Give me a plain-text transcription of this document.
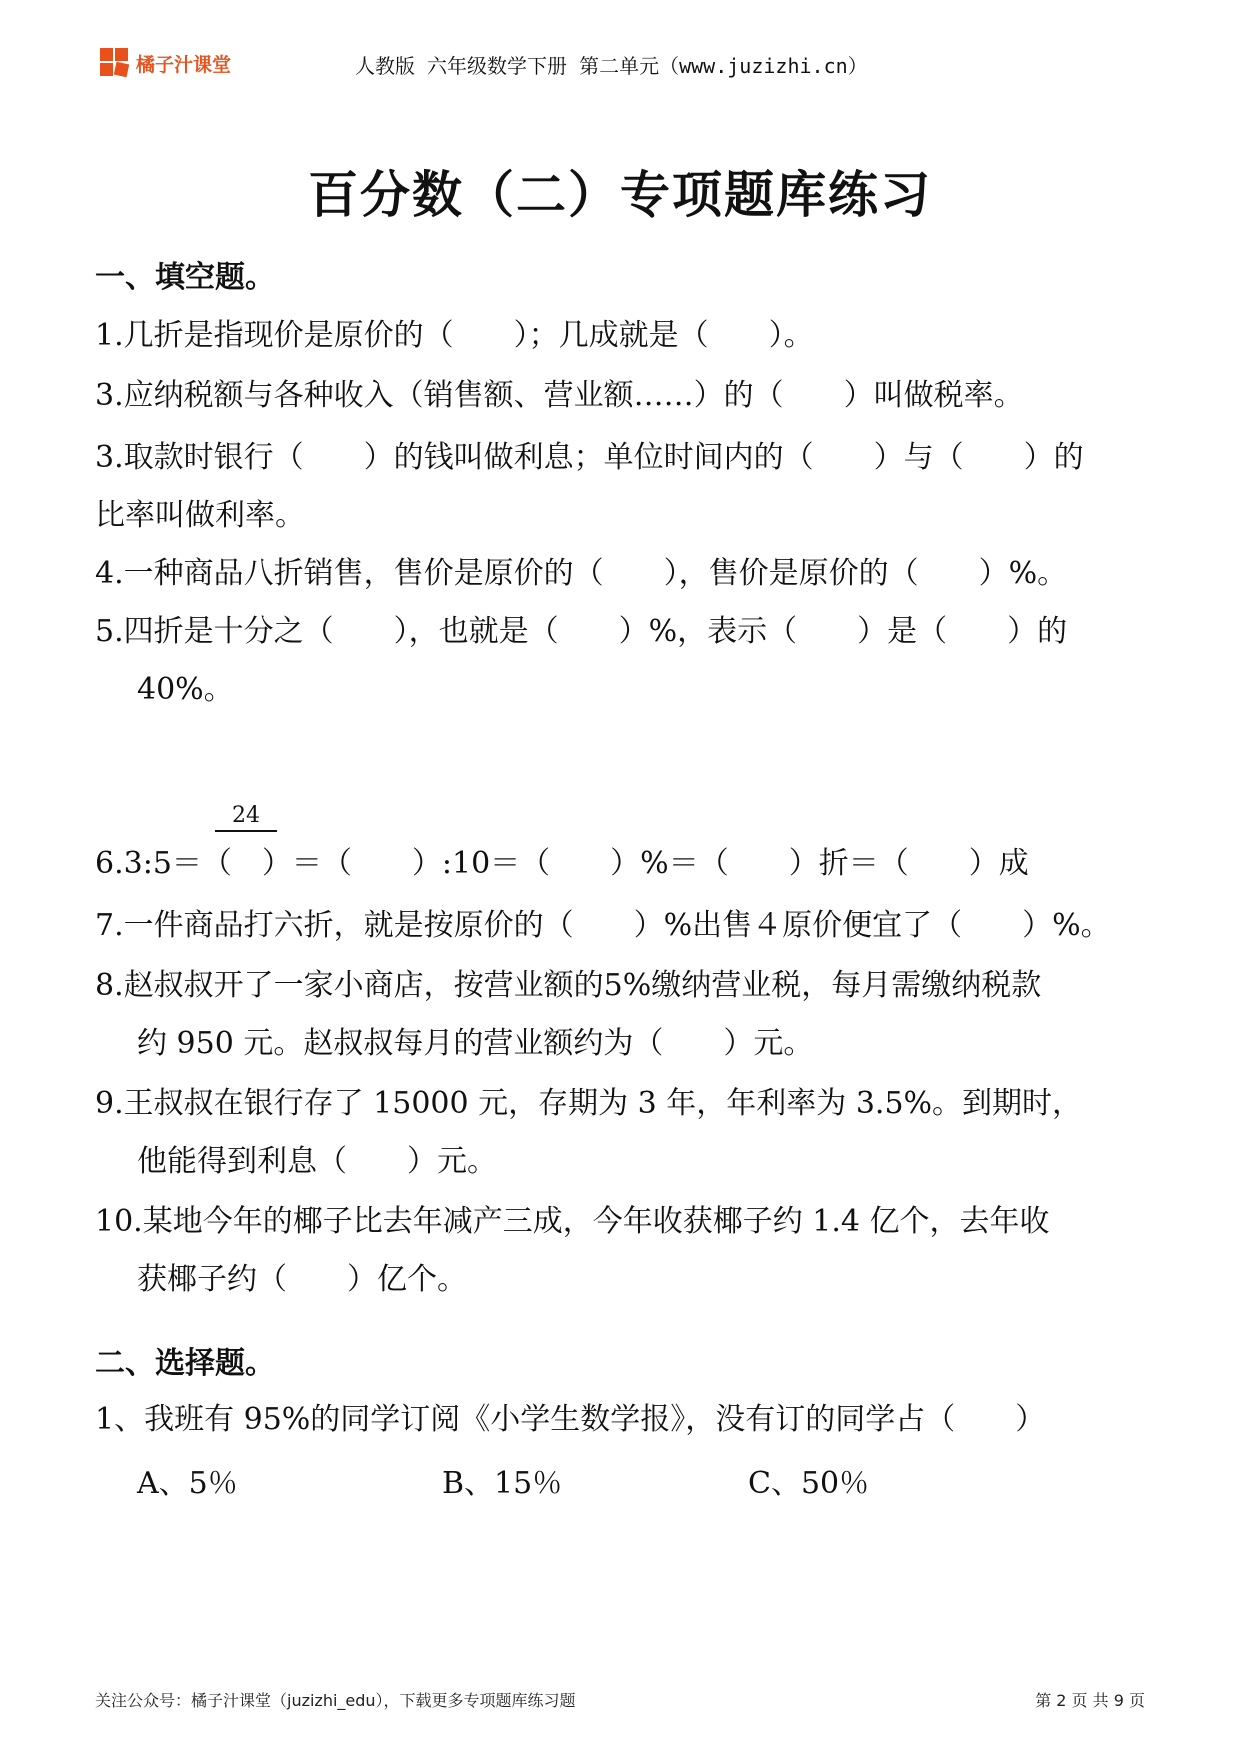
橘子汁课堂	人教版 六年级数学下册 第二单元（www.juzizhi.cn）
百分数（二）专项题库练习
一、填空题。
1.几折是指现价是原价的（　　）；几成就是（　　）。
3.应纳税额与各种收入（销售额、营业额……）的（　　）叫做税率。
3.取款时银行（　　）的钱叫做利息；单位时间内的（　　）与（　　）的
比率叫做利率。
4.一种商品八折销售，售价是原价的（　　），售价是原价的（　　）%。
5.四折是十分之（　　），也就是（　　）%，表示（　　）是（　　）的
40%。
24
6.3:5＝（　）＝（　　）:10＝（　　）%＝（　　）折＝（　　）成
7.一件商品打六折，就是按原价的（　　）%出售４原价便宜了（　　）%。
8.赵叔叔开了一家小商店，按营业额的5%缴纳营业税，每月需缴纳税款
约 950 元。赵叔叔每月的营业额约为（　　）元。
9.王叔叔在银行存了 15000 元，存期为 3 年，年利率为 3.5%。到期时，
他能得到利息（　　）元。
10.某地今年的椰子比去年减产三成，今年收获椰子约 1.4 亿个，去年收
获椰子约（　　）亿个。
二、选择题。
1、我班有 95%的同学订阅《小学生数学报》，没有订的同学占（　　）
A、5％	B、15％	C、50％
关注公众号：橘子汁课堂（juzizhi_edu），下载更多专项题库练习题	第 2 页 共 9 页
